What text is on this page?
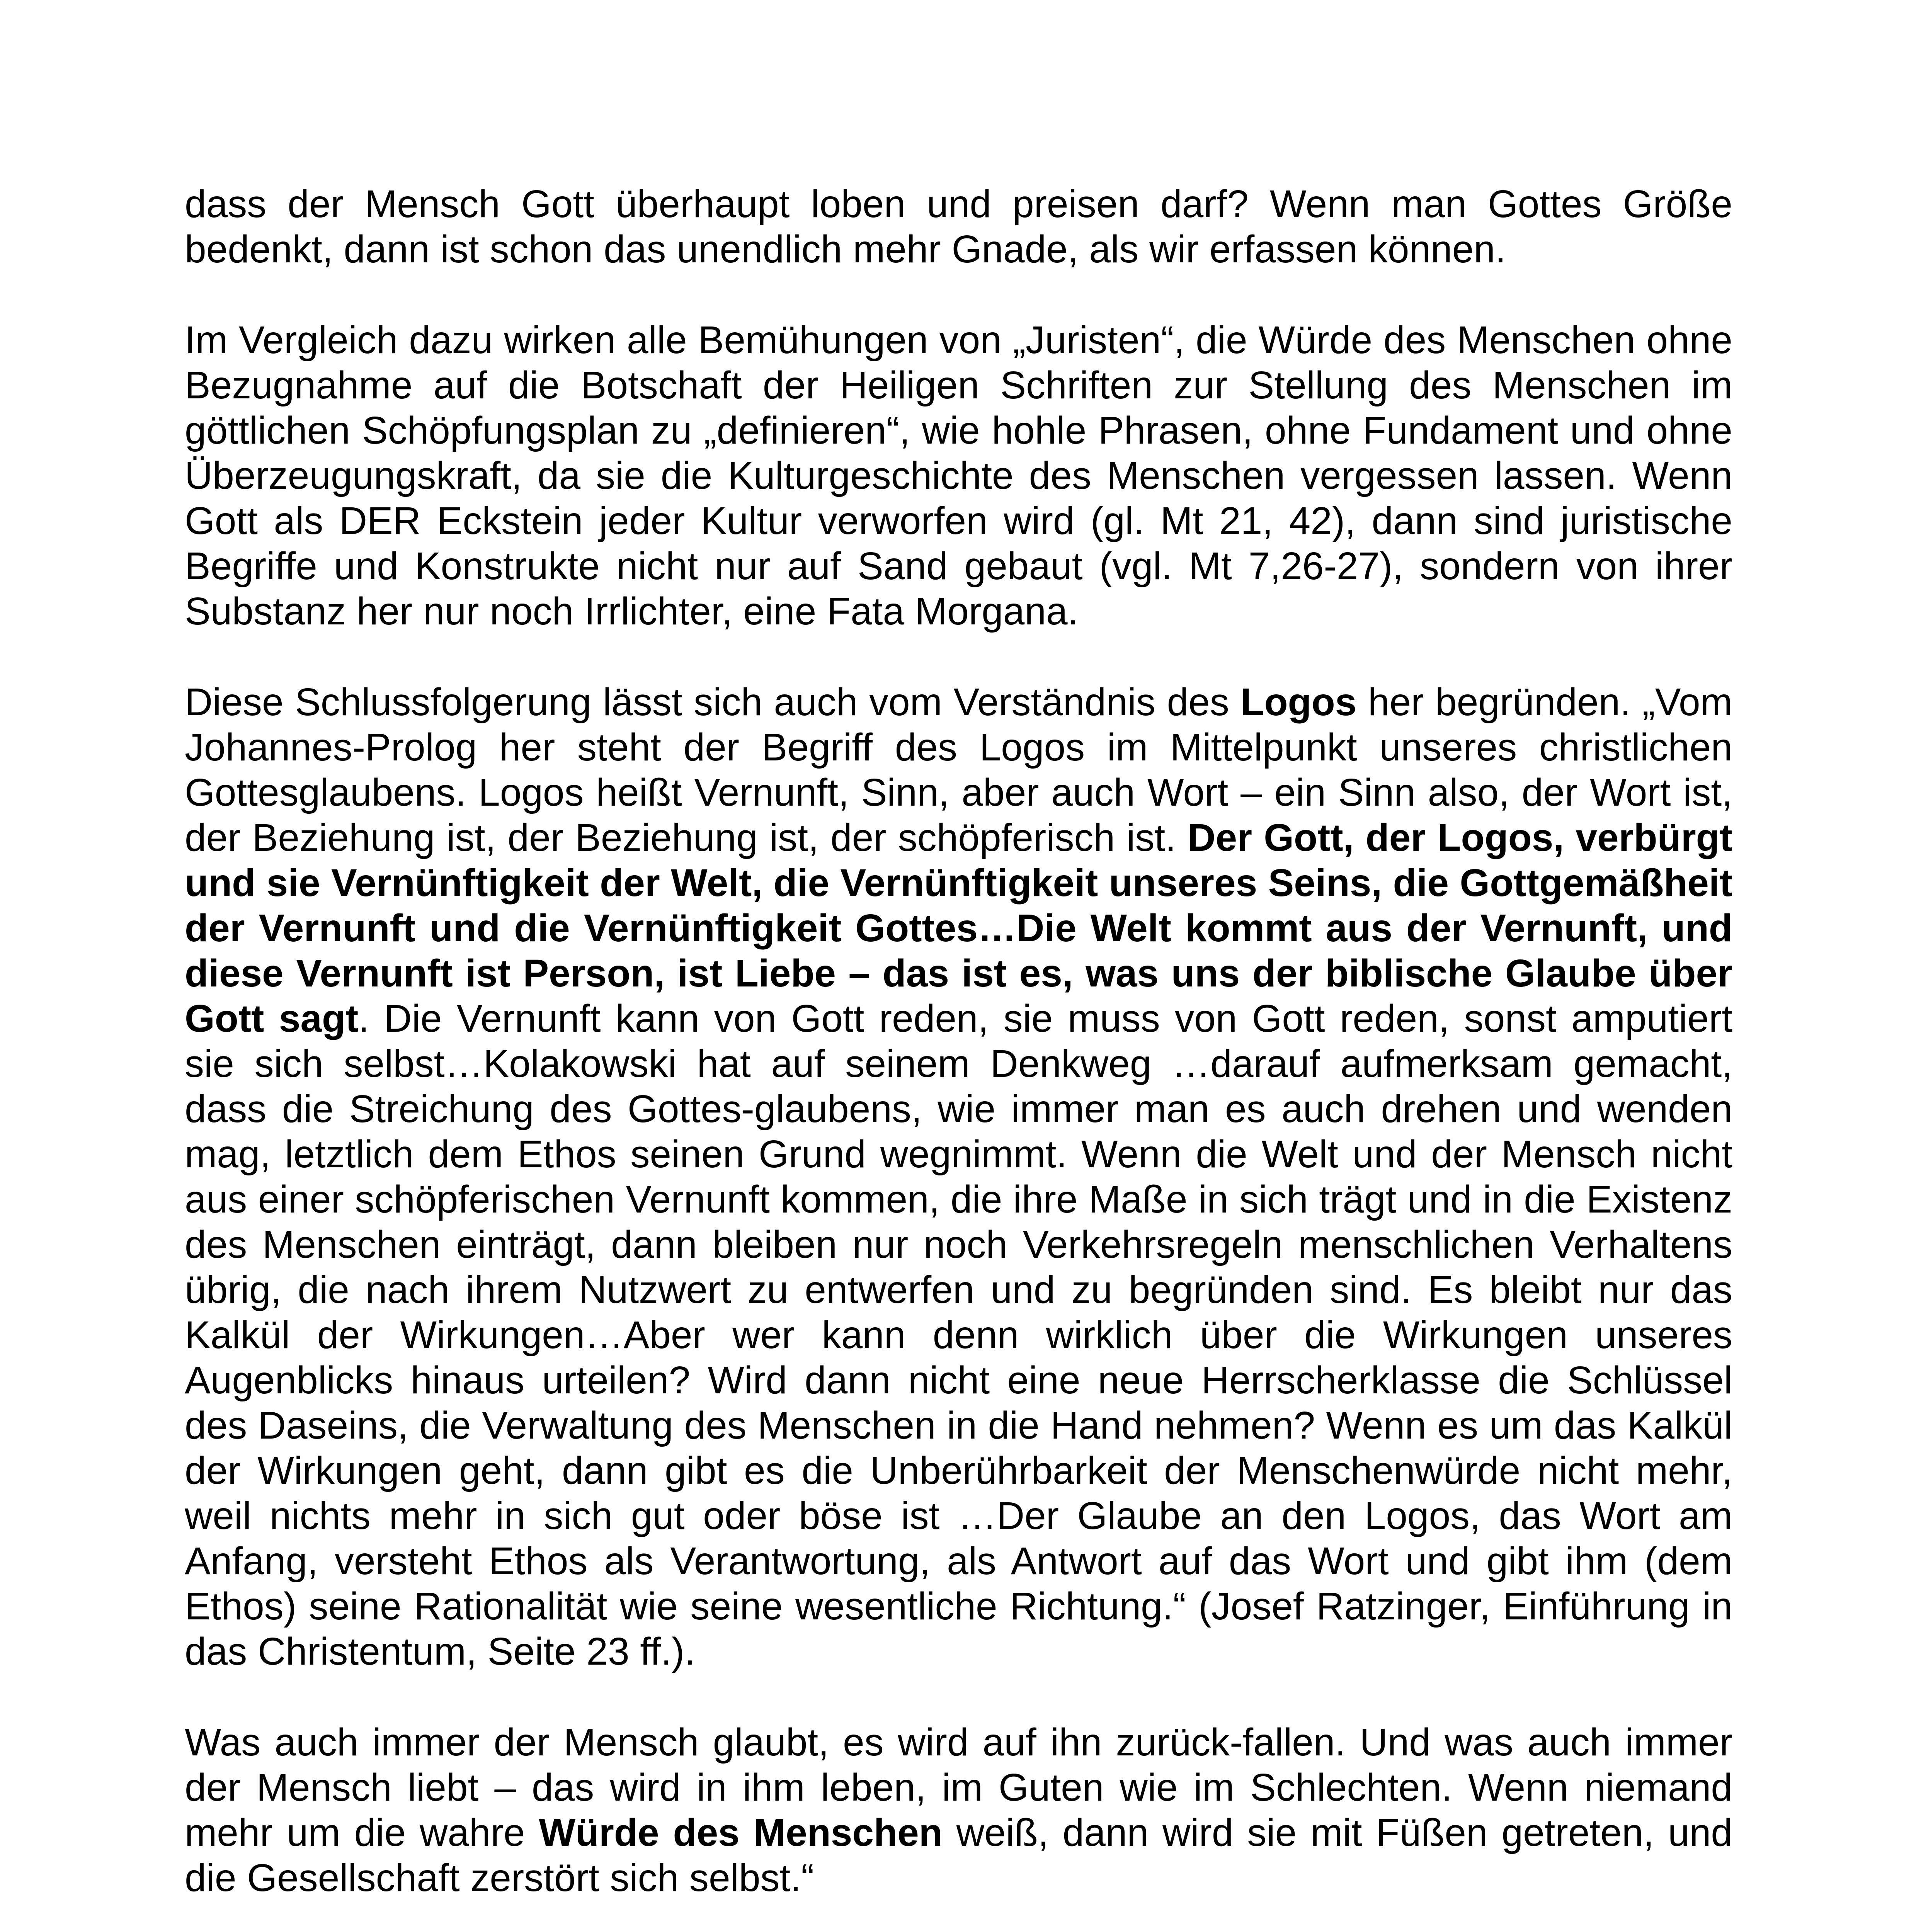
dass der Mensch Gott überhaupt loben und preisen darf? Wenn man Gottes Größe bedenkt, dann ist schon das unendlich mehr Gnade, als wir erfassen können.

Im Vergleich dazu wirken alle Bemühungen von „Juristen“, die Würde des Menschen ohne Bezugnahme auf die Botschaft der Heiligen Schriften zur Stellung des Menschen im göttlichen Schöpfungsplan zu „definieren“, wie hohle Phrasen, ohne Fundament und ohne Überzeugungskraft, da sie die Kulturgeschichte des Menschen vergessen lassen. Wenn Gott als DER Eckstein jeder Kultur verworfen wird (gl. Mt 21, 42), dann sind juristische Begriffe und Konstrukte nicht nur auf Sand gebaut (vgl. Mt 7,26-27), sondern von ihrer Substanz her nur noch Irrlichter, eine Fata Morgana.

Diese Schlussfolgerung lässt sich auch vom Verständnis des Logos her begründen. „Vom Johannes-Prolog her steht der Begriff des Logos im Mittelpunkt unseres christlichen Gottesglaubens. Logos heißt Vernunft, Sinn, aber auch Wort – ein Sinn also, der Wort ist, der Beziehung ist, der Beziehung ist, der schöpferisch ist. Der Gott, der Logos, verbürgt und sie Vernünftigkeit der Welt, die Vernünftigkeit unseres Seins, die Gottgemäßheit der Vernunft und die Vernünftigkeit Gottes…Die Welt kommt aus der Vernunft, und diese Vernunft ist Person, ist Liebe – das ist es, was uns der biblische Glaube über Gott sagt. Die Vernunft kann von Gott reden, sie muss von Gott reden, sonst amputiert sie sich selbst…Kolakowski hat auf seinem Denkweg …darauf aufmerksam gemacht, dass die Streichung des Gottes-glaubens, wie immer man es auch drehen und wenden mag, letztlich dem Ethos seinen Grund wegnimmt. Wenn die Welt und der Mensch nicht aus einer schöpferischen Vernunft kommen, die ihre Maße in sich trägt und in die Existenz des Menschen einträgt, dann bleiben nur noch Verkehrsregeln menschlichen Verhaltens übrig, die nach ihrem Nutzwert zu entwerfen und zu begründen sind. Es bleibt nur das Kalkül der Wirkungen…Aber wer kann denn wirklich über die Wirkungen unseres Augenblicks hinaus urteilen? Wird dann nicht eine neue Herrscherklasse die Schlüssel des Daseins, die Verwaltung des Menschen in die Hand nehmen? Wenn es um das Kalkül der Wirkungen geht, dann gibt es die Unberührbarkeit der Menschenwürde nicht mehr, weil nichts mehr in sich gut oder böse ist …Der Glaube an den Logos, das Wort am Anfang, versteht Ethos als Verantwortung, als Antwort auf das Wort und gibt ihm (dem Ethos) seine Rationalität wie seine wesentliche Richtung.“ (Josef Ratzinger, Einführung in das Christentum, Seite 23 ff.).

Was auch immer der Mensch glaubt, es wird auf ihn zurück-fallen. Und was auch immer der Mensch liebt – das wird in ihm leben, im Guten wie im Schlechten. Wenn niemand mehr um die wahre Würde des Menschen weiß, dann wird sie mit Füßen getreten, und die Gesellschaft zerstört sich selbst.“
